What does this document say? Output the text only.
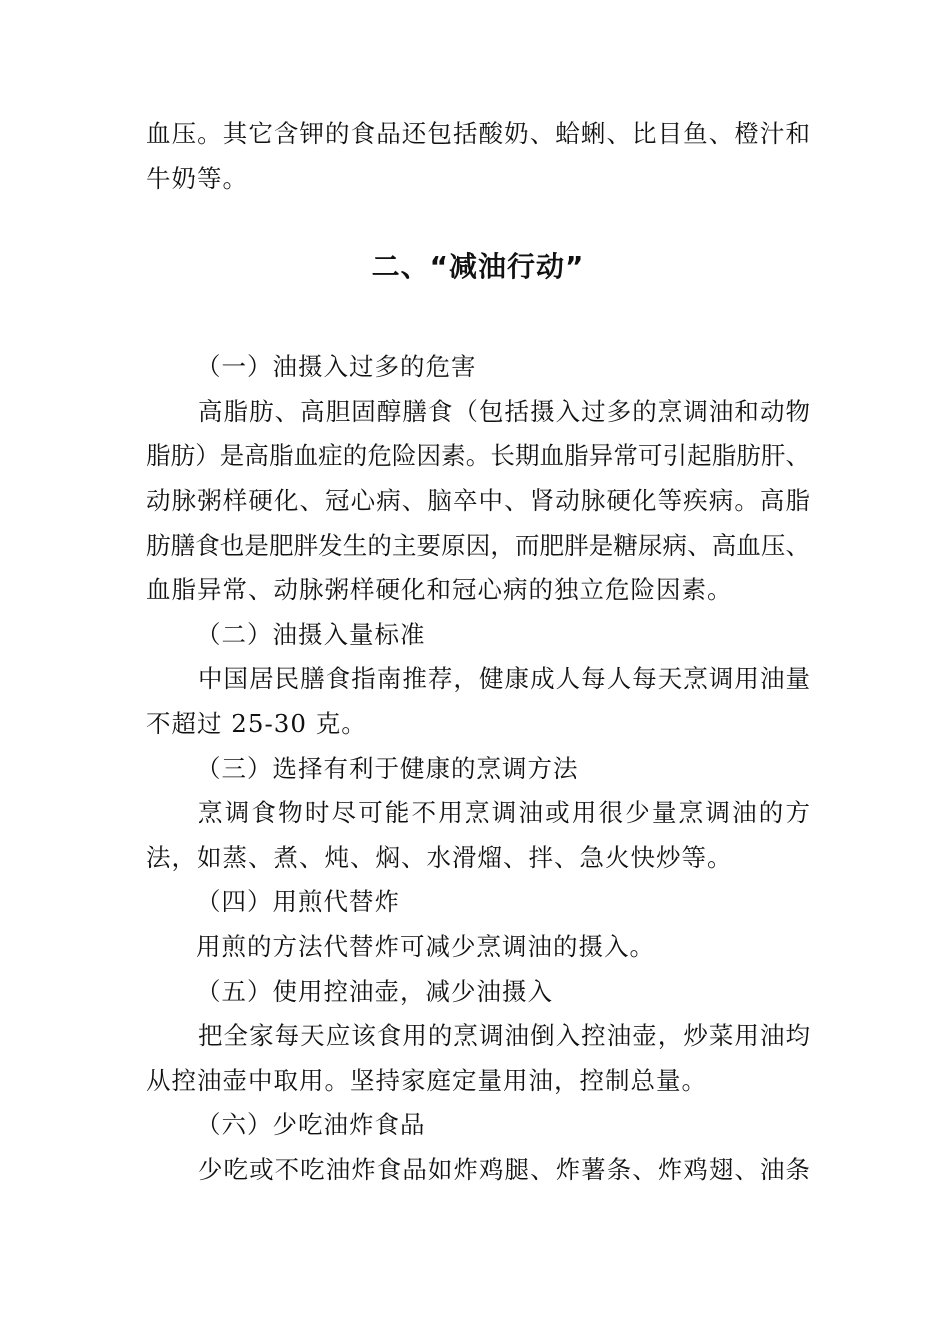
血压。其它含钾的食品还包括酸奶、蛤蜊、比目鱼、橙汁和
牛奶等。
二、“减油行动”
（一）油摄入过多的危害
高脂肪、高胆固醇膳食（包括摄入过多的烹调油和动物
脂肪）是高脂血症的危险因素。长期血脂异常可引起脂肪肝、
动脉粥样硬化、冠心病、脑卒中、肾动脉硬化等疾病。高脂
肪膳食也是肥胖发生的主要原因，而肥胖是糖尿病、高血压、
血脂异常、动脉粥样硬化和冠心病的独立危险因素。
（二）油摄入量标准
中国居民膳食指南推荐，健康成人每人每天烹调用油量
不超过 25-30 克。
（三）选择有利于健康的烹调方法
烹调食物时尽可能不用烹调油或用很少量烹调油的方
法，如蒸、煮、炖、焖、水滑熘、拌、急火快炒等。
（四）用煎代替炸
用煎的方法代替炸可减少烹调油的摄入。
（五）使用控油壶，减少油摄入
把全家每天应该食用的烹调油倒入控油壶，炒菜用油均
从控油壶中取用。坚持家庭定量用油，控制总量。
（六）少吃油炸食品
少吃或不吃油炸食品如炸鸡腿、炸薯条、炸鸡翅、油条
